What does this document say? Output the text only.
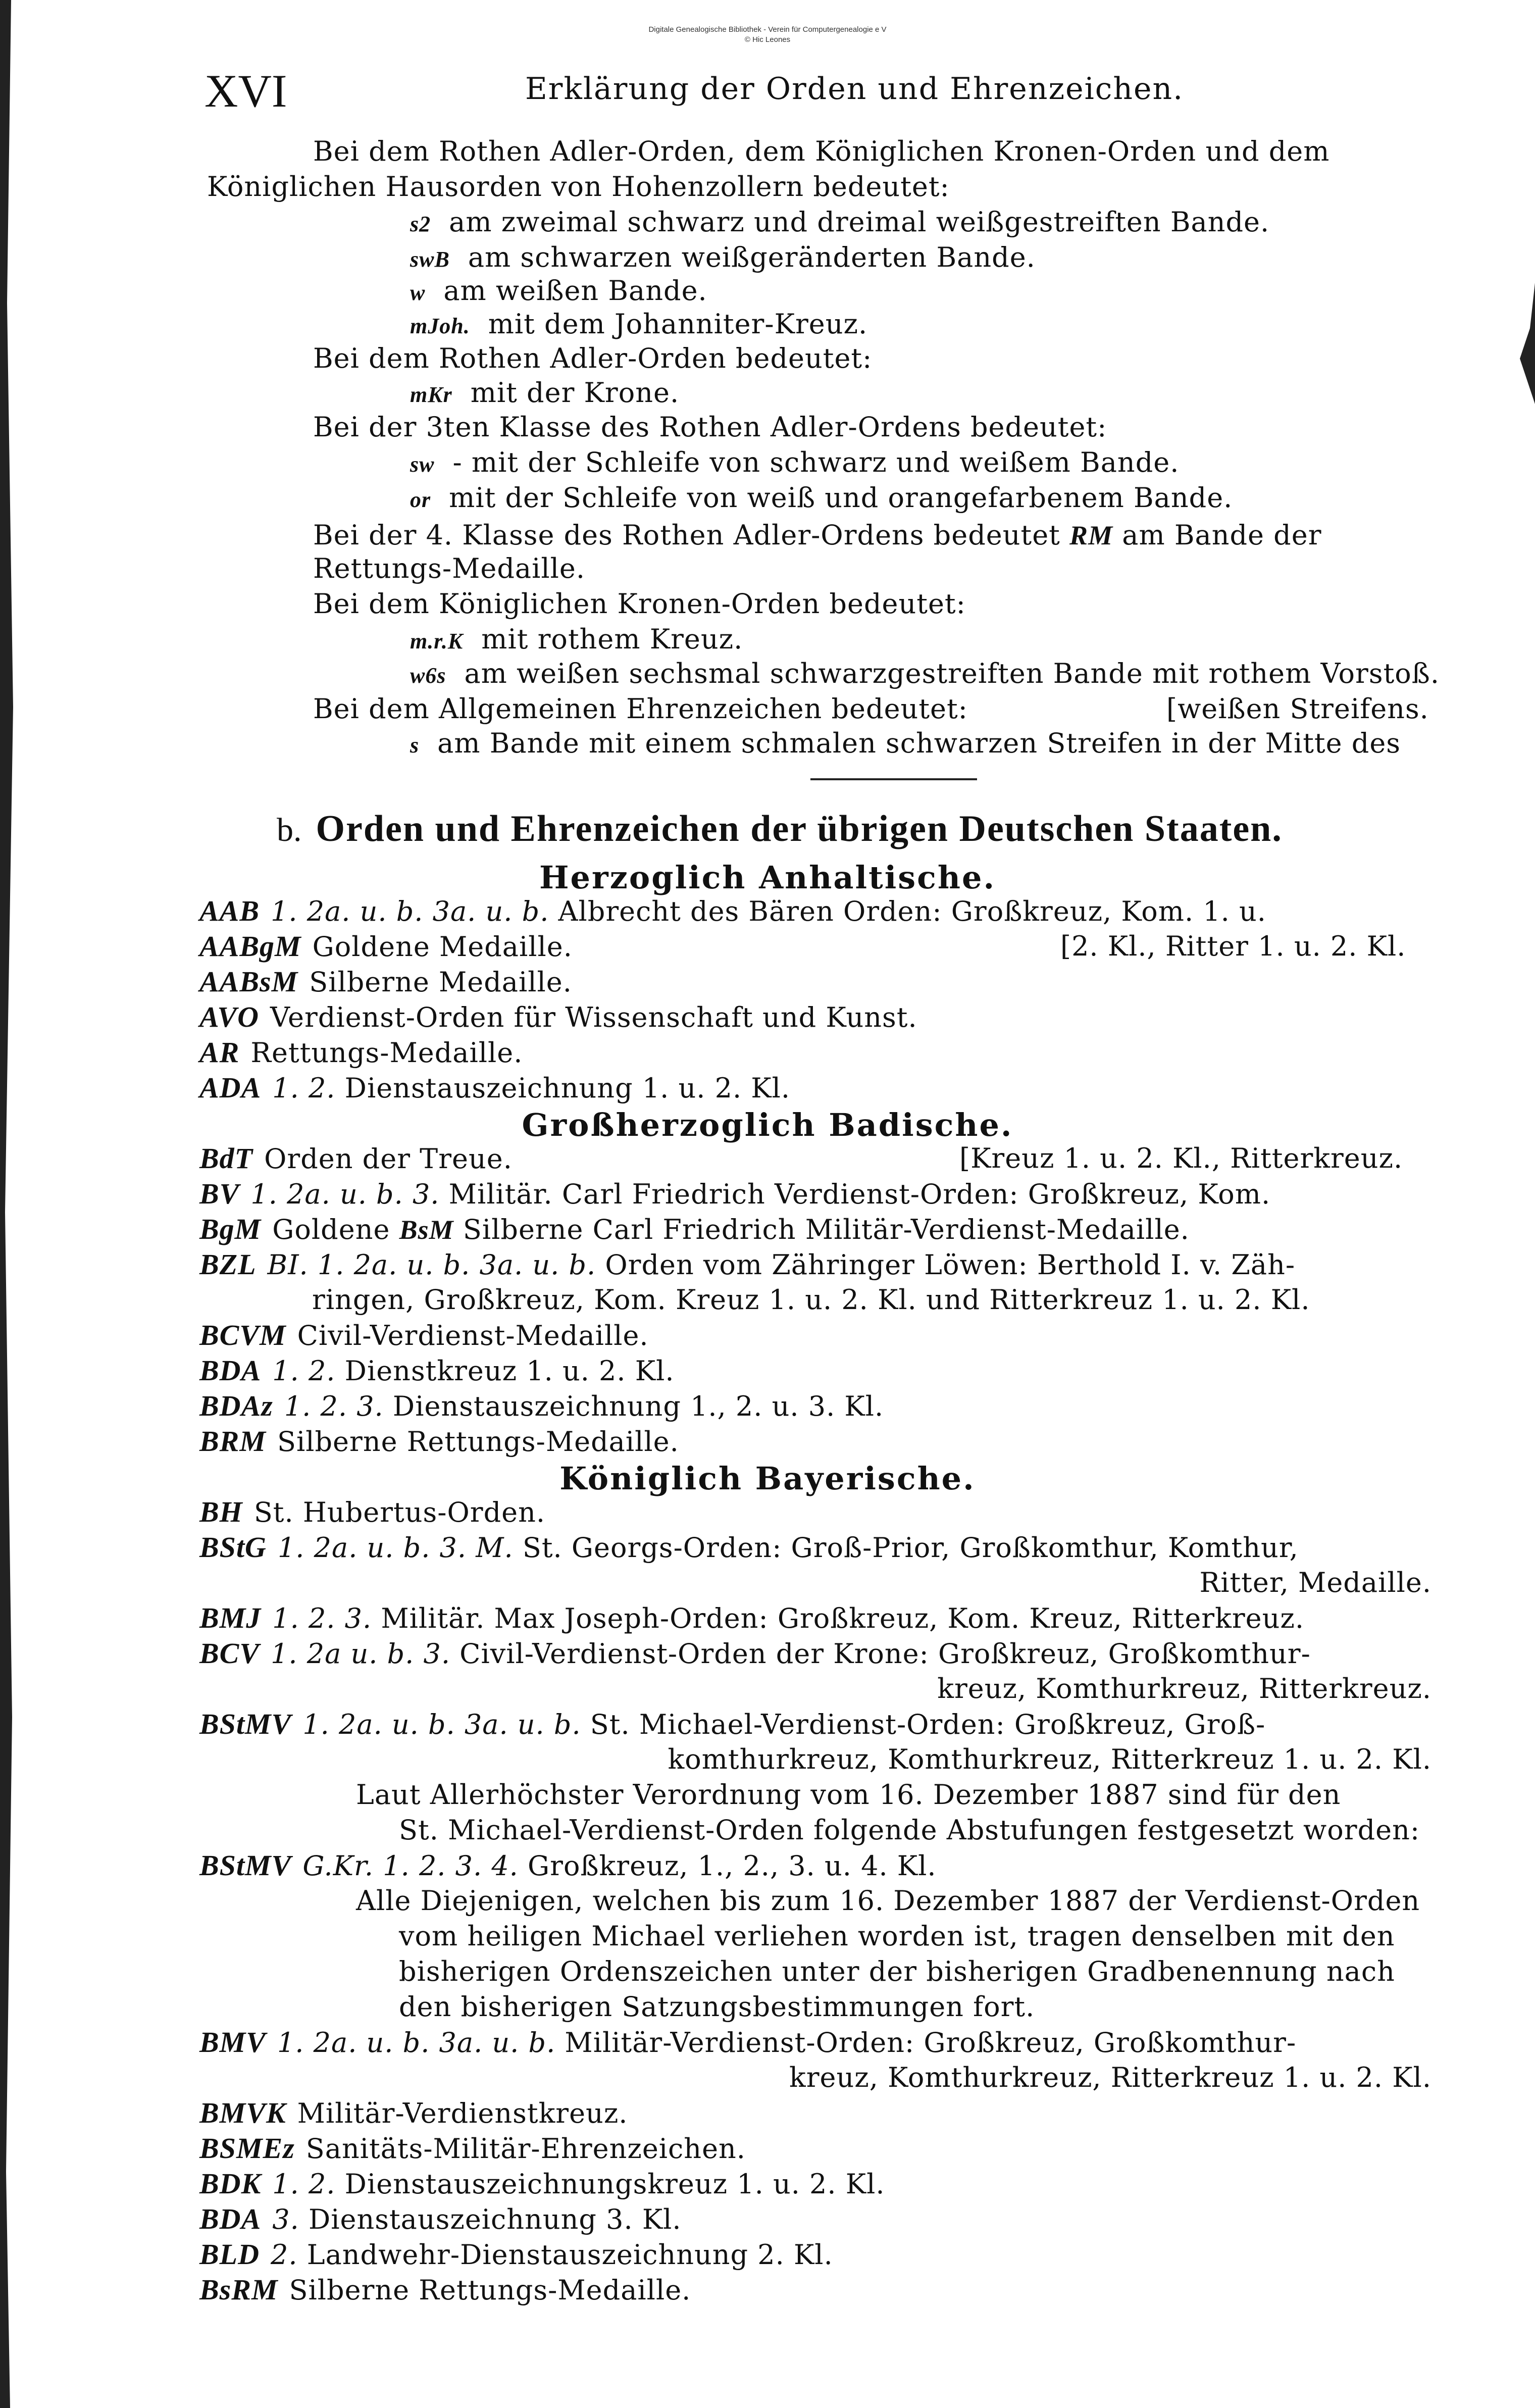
Digitale Genealogische Bibliothek - Verein für Computergenealogie e V
© Hic Leones
XVI	Erklärung der Orden und Ehrenzeichen.
Bei dem Rothen Adler-Orden, dem Königlichen Kronen-Orden und dem
Königlichen Hausorden von Hohenzollern bedeutet:
s2 am zweimal schwarz und dreimal weißgestreiften Bande.
swB am schwarzen weißgeränderten Bande.
w am weißen Bande.
mJoh. mit dem Johanniter-Kreuz.
Bei dem Rothen Adler-Orden bedeutet:
mKr mit der Krone.
Bei der 3ten Klasse des Rothen Adler-Ordens bedeutet:
sw - mit der Schleife von schwarz und weißem Bande.
or mit der Schleife von weiß und orangefarbenem Bande.
Bei der 4. Klasse des Rothen Adler-Ordens bedeutet RM am Bande der
Rettungs-Medaille.
Bei dem Königlichen Kronen-Orden bedeutet:
m.r.K mit rothem Kreuz.
w6s am weißen sechsmal schwarzgestreiften Bande mit rothem Vorstoß.
Bei dem Allgemeinen Ehrenzeichen bedeutet:	[weißen Streifens.
s am Bande mit einem schmalen schwarzen Streifen in der Mitte des
b. Orden und Ehrenzeichen der übrigen Deutschen Staaten.
Herzoglich Anhaltische.
AAB 1. 2a. u. b. 3a. u. b. Albrecht des Bären Orden: Großkreuz, Kom. 1. u.
AABgM Goldene Medaille.	[2. Kl., Ritter 1. u. 2. Kl.
AABsM Silberne Medaille.
AVO Verdienst-Orden für Wissenschaft und Kunst.
AR Rettungs-Medaille.
ADA 1. 2. Dienstauszeichnung 1. u. 2. Kl.
Großherzoglich Badische.
BdT Orden der Treue.	[Kreuz 1. u. 2. Kl., Ritterkreuz.
BV 1. 2a. u. b. 3. Militär. Carl Friedrich Verdienst-Orden: Großkreuz, Kom.
BgM Goldene BsM Silberne Carl Friedrich Militär-Verdienst-Medaille.
BZL BI. 1. 2a. u. b. 3a. u. b. Orden vom Zähringer Löwen: Berthold I. v. Zäh-
ringen, Großkreuz, Kom. Kreuz 1. u. 2. Kl. und Ritterkreuz 1. u. 2. Kl.
BCVM Civil-Verdienst-Medaille.
BDA 1. 2. Dienstkreuz 1. u. 2. Kl.
BDAz 1. 2. 3. Dienstauszeichnung 1., 2. u. 3. Kl.
BRM Silberne Rettungs-Medaille.
Königlich Bayerische.
BH St. Hubertus-Orden.
BStG 1. 2a. u. b. 3. M. St. Georgs-Orden: Groß-Prior, Großkomthur, Komthur,
Ritter, Medaille.
BMJ 1. 2. 3. Militär. Max Joseph-Orden: Großkreuz, Kom. Kreuz, Ritterkreuz.
BCV 1. 2a u. b. 3. Civil-Verdienst-Orden der Krone: Großkreuz, Großkomthur-
kreuz, Komthurkreuz, Ritterkreuz.
BStMV 1. 2a. u. b. 3a. u. b. St. Michael-Verdienst-Orden: Großkreuz, Groß-
komthurkreuz, Komthurkreuz, Ritterkreuz 1. u. 2. Kl.
Laut Allerhöchster Verordnung vom 16. Dezember 1887 sind für den
St. Michael-Verdienst-Orden folgende Abstufungen festgesetzt worden:
BStMV G.Kr. 1. 2. 3. 4. Großkreuz, 1., 2., 3. u. 4. Kl.
Alle Diejenigen, welchen bis zum 16. Dezember 1887 der Verdienst-Orden
vom heiligen Michael verliehen worden ist, tragen denselben mit den
bisherigen Ordenszeichen unter der bisherigen Gradbenennung nach
den bisherigen Satzungsbestimmungen fort.
BMV 1. 2a. u. b. 3a. u. b. Militär-Verdienst-Orden: Großkreuz, Großkomthur-
kreuz, Komthurkreuz, Ritterkreuz 1. u. 2. Kl.
BMVK Militär-Verdienstkreuz.
BSMEz Sanitäts-Militär-Ehrenzeichen.
BDK 1. 2. Dienstauszeichnungskreuz 1. u. 2. Kl.
BDA 3. Dienstauszeichnung 3. Kl.
BLD 2. Landwehr-Dienstauszeichnung 2. Kl.
BsRM Silberne Rettungs-Medaille.
